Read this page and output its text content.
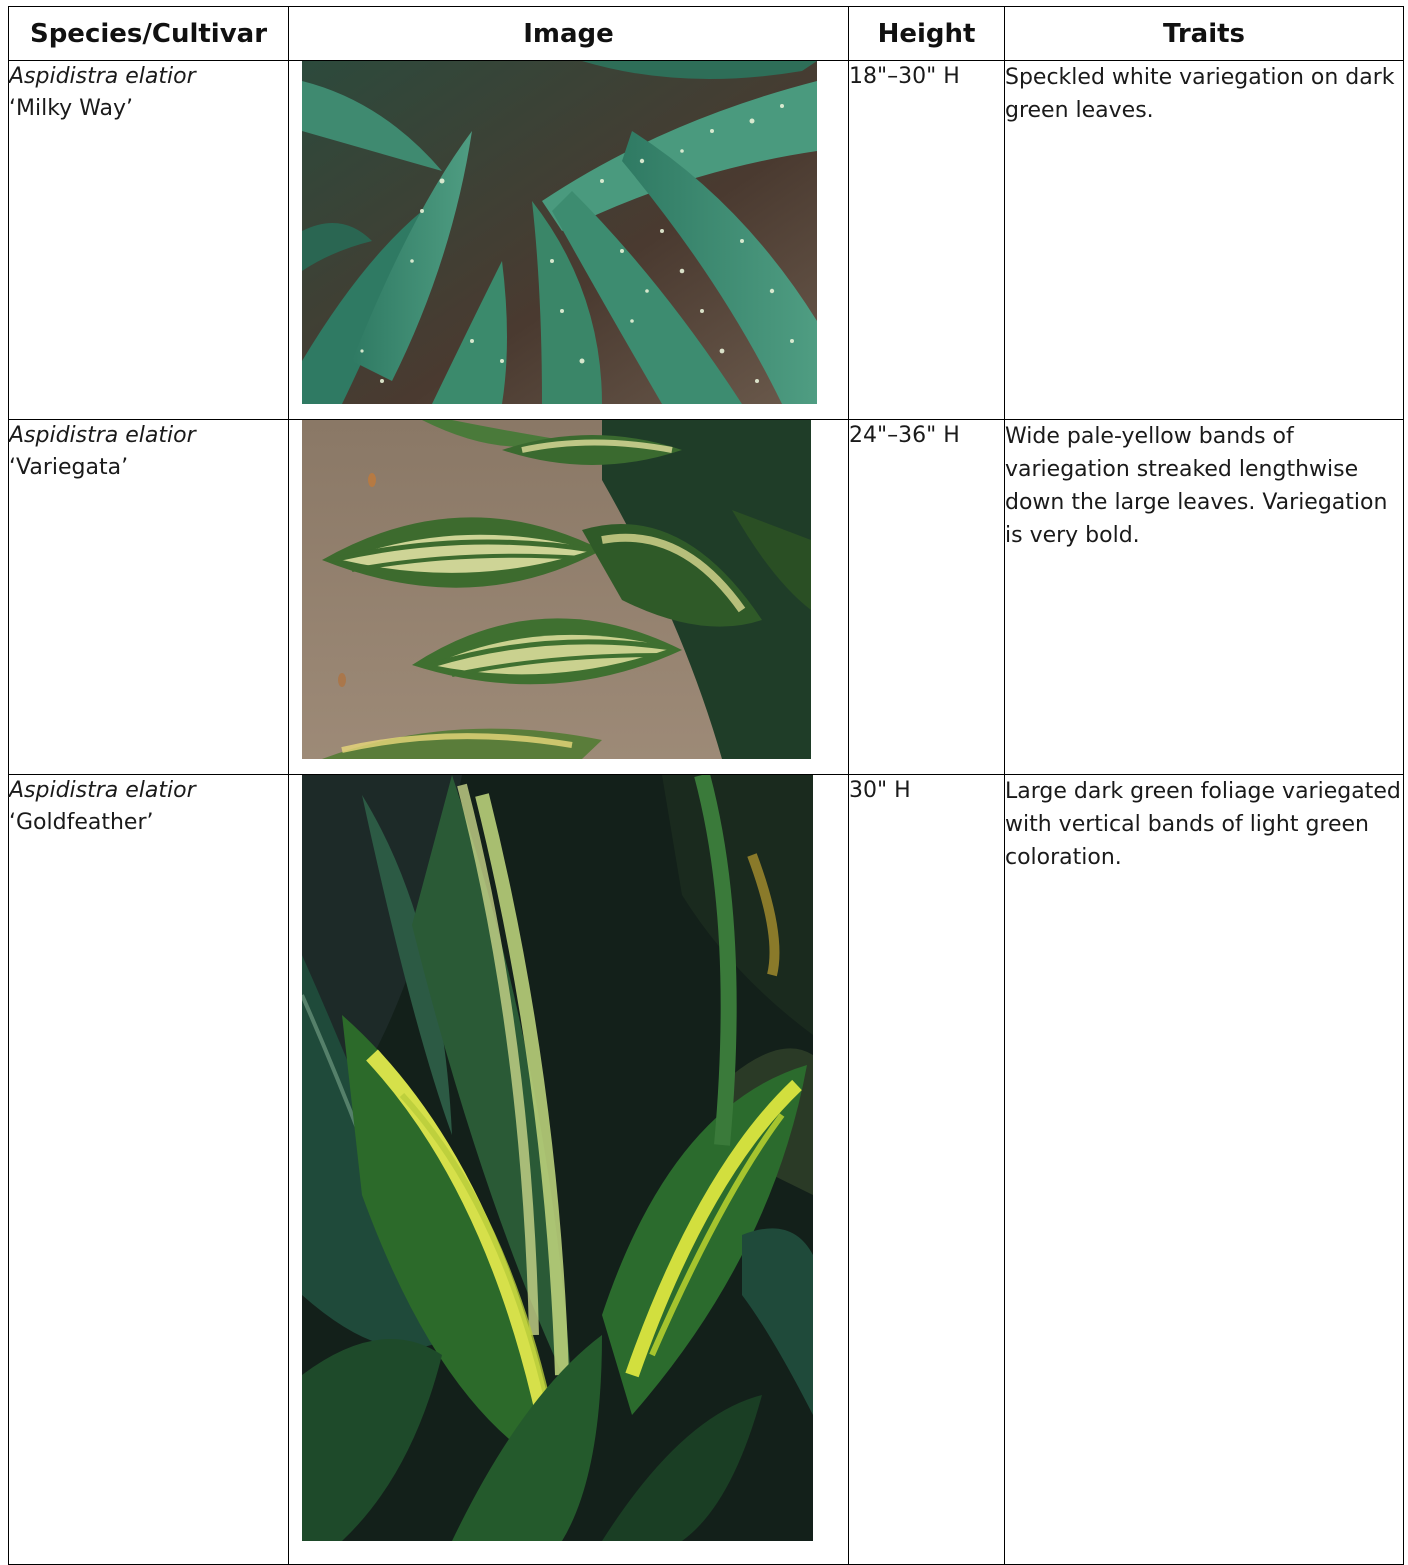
Species/Cultivar	Image	Height	Traits

Aspidistra elatior
‘Milky Way’		18"–30" H	Speckled white variegation on dark green leaves.

Aspidistra elatior
‘Variegata’		24"–36" H	Wide pale-yellow bands of variegation streaked lengthwise down the large leaves. Variegation is very bold.

Aspidistra elatior
‘Goldfeather’		30" H	Large dark green foliage variegated with vertical bands of light green coloration.
